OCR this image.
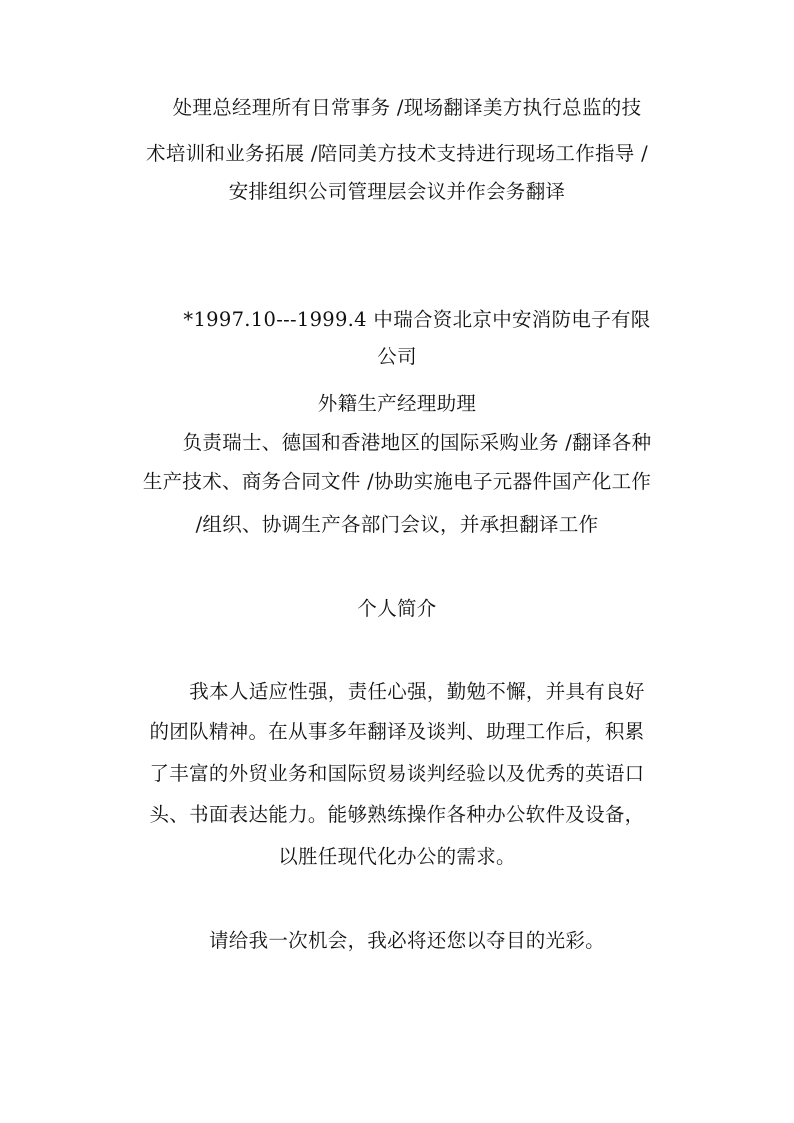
处理总经理所有日常事务 /现场翻译美方执行总监的技
术培训和业务拓展 /陪同美方技术支持进行现场工作指导 /
安排组织公司管理层会议并作会务翻译
*1997.10---1999.4 中瑞合资北京中安消防电子有限
公司
外籍生产经理助理
负责瑞士、德国和香港地区的国际采购业务 /翻译各种
生产技术、商务合同文件 /协助实施电子元器件国产化工作
/组织、协调生产各部门会议，并承担翻译工作
个人简介
我本人适应性强，责任心强，勤勉不懈，并具有良好
的团队精神。在从事多年翻译及谈判、助理工作后，积累
了丰富的外贸业务和国际贸易谈判经验以及优秀的英语口
头、书面表达能力。能够熟练操作各种办公软件及设备，
以胜任现代化办公的需求。
请给我一次机会，我必将还您以夺目的光彩。
